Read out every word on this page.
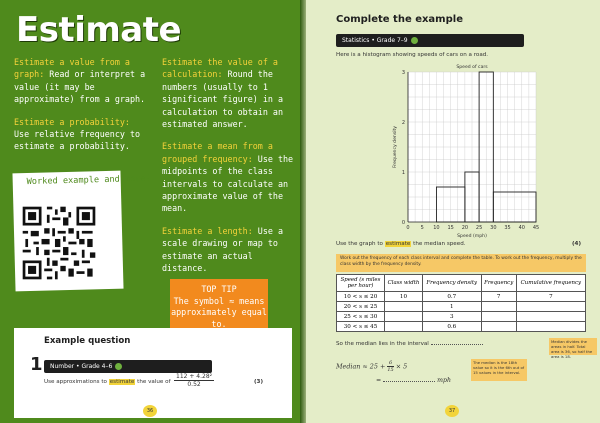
Estimate

Estimate a value from a graph: Read or interpret a value (it may be approximate) from a graph.

Estimate a probability: Use relative frequency to estimate a probability.

Estimate the value of a calculation: Round the numbers (usually to 1 significant figure) in a calculation to obtain an estimated answer.

Estimate a mean from a grouped frequency: Use the midpoints of the class intervals to calculate an approximate value of the mean.

Estimate a length: Use a scale drawing or map to estimate an actual distance.

Worked example and more!
TOP TIP
The symbol ≈ means approximately equal to.
Example question
1	Number • Grade 4–6
Use approximations to estimate the value of $\frac{\text{112 + 4.28²}}{0.52}$	(3)
36
Complete the example
Statistics • Grade 7–9
Here is a histogram showing speeds of cars on a road.
0 5 10 15 20 25 30 35 40 45
0
1
2
3
Speed of cars
Speed (mph)
Frequency density
Use the graph to estimate the median speed.	(4)
Work out the frequency of each class interval and complete the table. To work out the frequency, multiply the class width by the frequency density.
Speed (s miles per hour)	Class width	Frequency density	Frequency	Cumulative frequency
10 < s ≤ 20	10	0.7	7	7
20 < s ≤ 25		1		
25 < s ≤ 30		3		
30 < s ≤ 45		0.6		
So the median lies in the interval	Median divides the areas in half. Total area is 36, so half the area is 18.
Median ≈ $25 + \frac{6}{15} \times 5$
=	mph
The median is the 18th value so it is the 6th out of 15 values in the interval.
37
